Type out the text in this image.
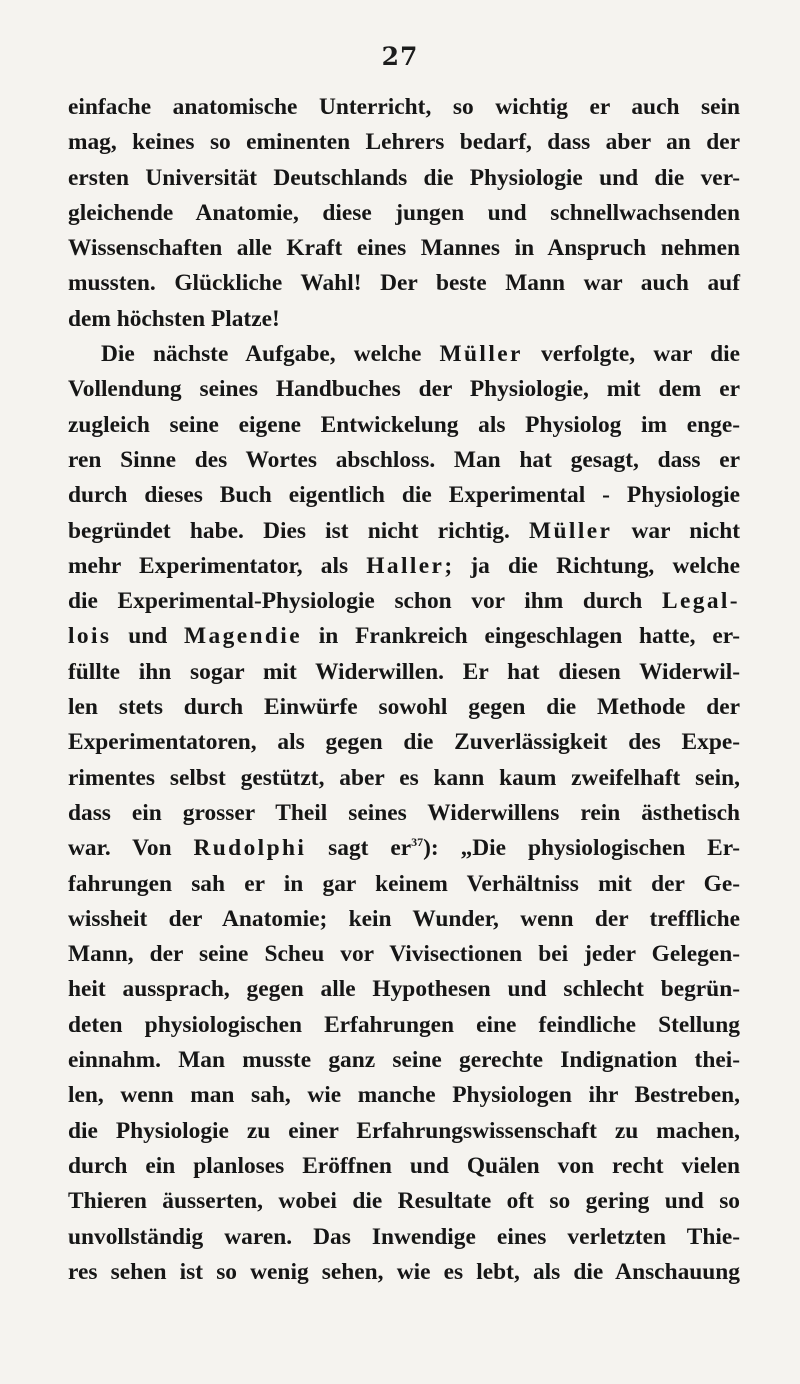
27
einfache anatomische Unterricht, so wichtig er auch sein
mag, keines so eminenten Lehrers bedarf, dass aber an der
ersten Universität Deutschlands die Physiologie und die ver-
gleichende Anatomie, diese jungen und schnellwachsenden
Wissenschaften alle Kraft eines Mannes in Anspruch nehmen
mussten. Glückliche Wahl! Der beste Mann war auch auf
dem höchsten Platze!
Die nächste Aufgabe, welche Müller verfolgte, war die
Vollendung seines Handbuches der Physiologie, mit dem er
zugleich seine eigene Entwickelung als Physiolog im enge-
ren Sinne des Wortes abschloss. Man hat gesagt, dass er
durch dieses Buch eigentlich die Experimental - Physiologie
begründet habe. Dies ist nicht richtig. Müller war nicht
mehr Experimentator, als Haller; ja die Richtung, welche
die Experimental-Physiologie schon vor ihm durch Legal-
lois und Magendie in Frankreich eingeschlagen hatte, er-
füllte ihn sogar mit Widerwillen. Er hat diesen Widerwil-
len stets durch Einwürfe sowohl gegen die Methode der
Experimentatoren, als gegen die Zuverlässigkeit des Expe-
rimentes selbst gestützt, aber es kann kaum zweifelhaft sein,
dass ein grosser Theil seines Widerwillens rein ästhetisch
war. Von Rudolphi sagt $er^{37}$): „Die physiologischen Er-
fahrungen sah er in gar keinem Verhältniss mit der Ge-
wissheit der Anatomie; kein Wunder, wenn der treffliche
Mann, der seine Scheu vor Vivisectionen bei jeder Gelegen-
heit aussprach, gegen alle Hypothesen und schlecht begrün-
deten physiologischen Erfahrungen eine feindliche Stellung
einnahm. Man musste ganz seine gerechte Indignation thei-
len, wenn man sah, wie manche Physiologen ihr Bestreben,
die Physiologie zu einer Erfahrungswissenschaft zu machen,
durch ein planloses Eröffnen und Quälen von recht vielen
Thieren äusserten, wobei die Resultate oft so gering und so
unvollständig waren. Das Inwendige eines verletzten Thie-
res sehen ist so wenig sehen, wie es lebt, als die Anschauung
